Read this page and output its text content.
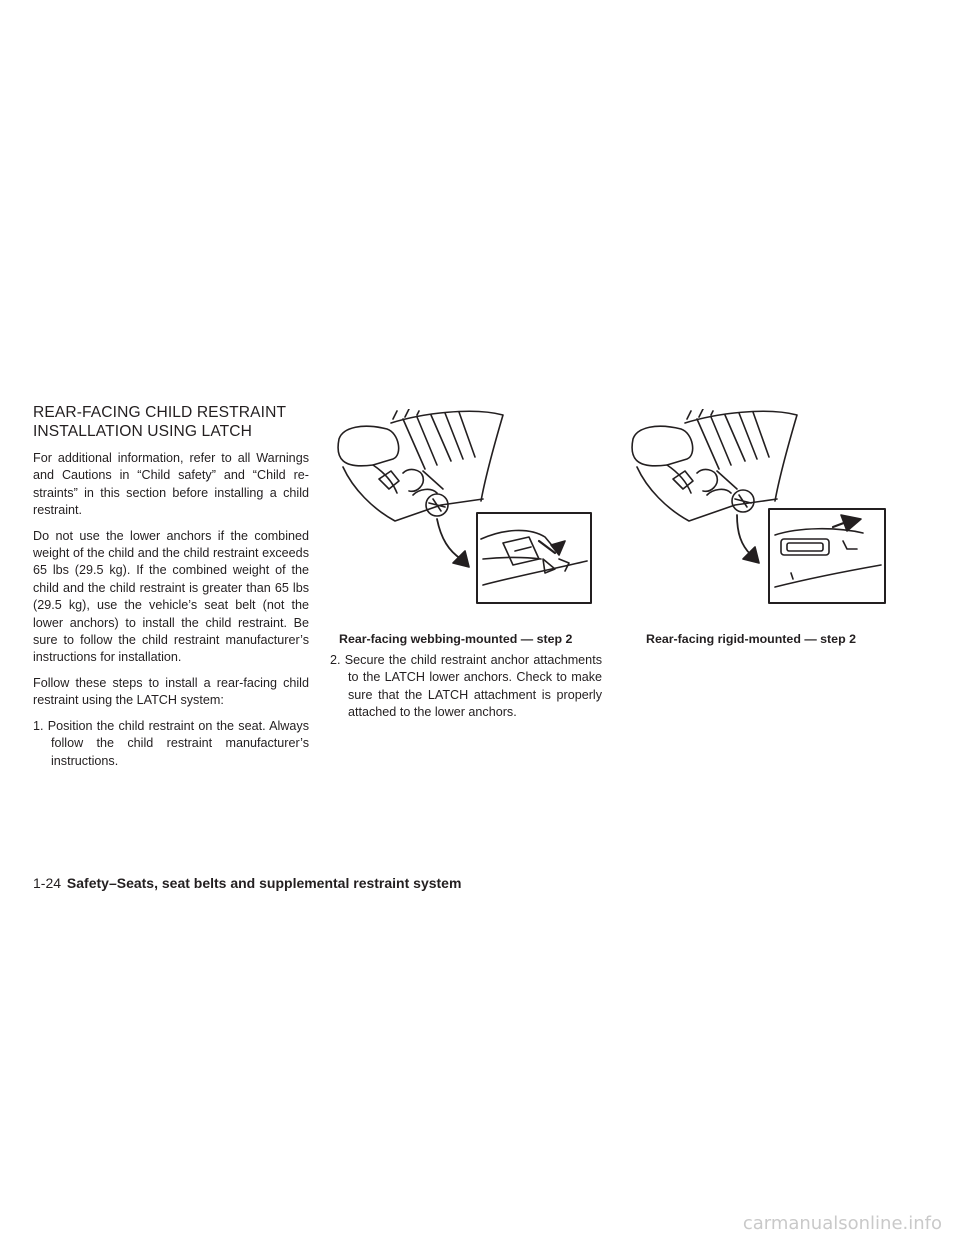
REAR-FACING CHILD RESTRAINT
INSTALLATION USING LATCH

For additional information, refer to all Warnings and Cautions in “Child safety” and “Child re-straints” in this section before installing a child restraint.

Do not use the lower anchors if the combined weight of the child and the child restraint exceeds 65 lbs (29.5 kg). If the combined weight of the child and the child restraint is greater than 65 lbs (29.5 kg), use the vehicle’s seat belt (not the lower anchors) to install the child restraint. Be sure to follow the child restraint manufacturer’s instructions for installation.

Follow these steps to install a rear-facing child restraint using the LATCH system:

1. Position the child restraint on the seat. Always follow the child restraint manufacturer’s instructions.

Rear-facing webbing-mounted — step 2	Rear-facing rigid-mounted — step 2

2. Secure the child restraint anchor attachments to the LATCH lower anchors. Check to make sure that the LATCH attachment is properly attached to the lower anchors.

1-24 Safety–Seats, seat belts and supplemental restraint system
carmanualsonline.info
